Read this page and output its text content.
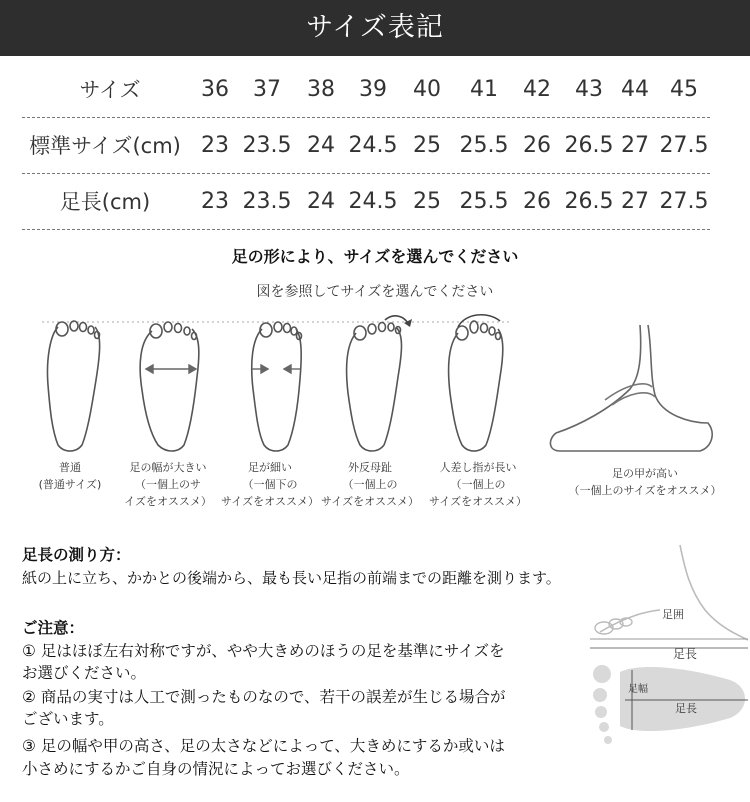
サイズ表記
サイズ	36	37	38	39	40	41	42	43 44 45
標準サイズ(cm) 23 23.5 24 24.5 25 25.5 26 26.5 27 27.5
足長(cm)	23 23.5 24 24.5 25 25.5 26 26.5 27 27.5
足の形により、サイズを選んでください
図を参照してサイズを選んでください
普通
(普通サイズ)
足の幅が大きい
（一個上のサ
イズをオススメ）
足が細い
（一個下の
サイズをオススメ）
外反母趾
（一個上の
サイズをオススメ）
人差し指が長い
（一個上の
サイズをオススメ）
足の甲が高い
（一個上のサイズをオススメ）
足長の測り方：
紙の上に立ち、かかとの後端から、最も長い足指の前端までの距離を測ります。
ご注意：
① 足はほぼ左右対称ですが、やや大きめのほうの足を基準にサイズを
お選びください。
② 商品の実寸は人工で測ったものなので、若干の誤差が生じる場合が
ございます。
③ 足の幅や甲の高さ、足の太さなどによって、大きめにするか或いは
小さめにするかご自身の情況によってお選びください。
足囲
足長
足幅
足長
